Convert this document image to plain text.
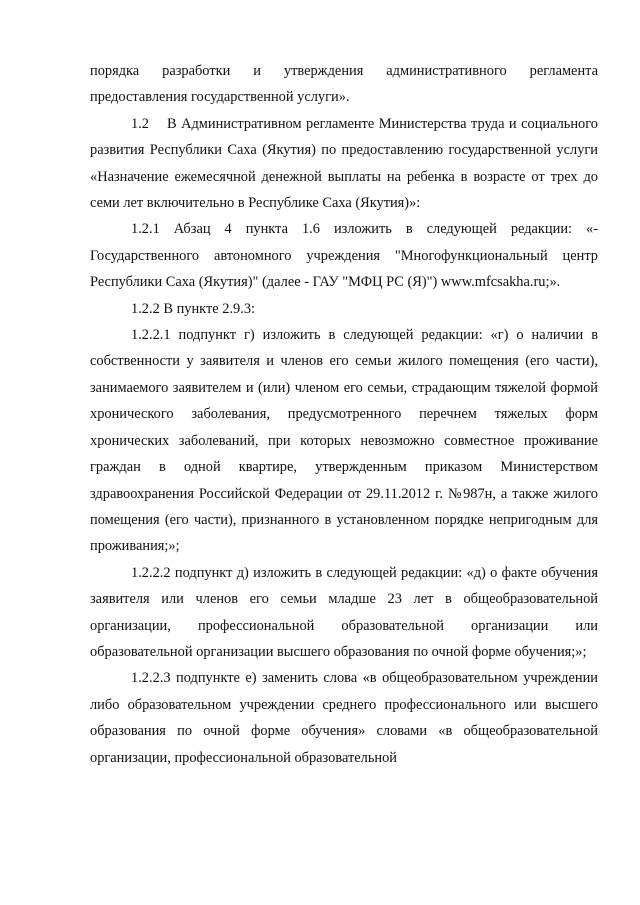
порядка разработки и утверждения административного регламента предоставления государственной услуги».

1.2 В Административном регламенте Министерства труда и социального развития Республики Саха (Якутия) по предоставлению государственной услуги «Назначение ежемесячной денежной выплаты на ребенка в возрасте от трех до семи лет включительно в Республике Саха (Якутия)»:

1.2.1 Абзац 4 пункта 1.6 изложить в следующей редакции: «- Государственного автономного учреждения "Многофункциональный центр Республики Саха (Якутия)" (далее - ГАУ "МФЦ РС (Я)") www.mfcsakha.ru;».

1.2.2 В пункте 2.9.3:

1.2.2.1 подпункт г) изложить в следующей редакции: «г) о наличии в собственности у заявителя и членов его семьи жилого помещения (его части), занимаемого заявителем и (или) членом его семьи, страдающим тяжелой формой хронического заболевания, предусмотренного перечнем тяжелых форм хронических заболеваний, при которых невозможно совместное проживание граждан в одной квартире, утвержденным приказом Министерством здравоохранения Российской Федерации от 29.11.2012 г. №987н, а также жилого помещения (его части), признанного в установленном порядке непригодным для проживания;»;

1.2.2.2 подпункт д) изложить в следующей редакции: «д) о факте обучения заявителя или членов его семьи младше 23 лет в общеобразовательной организации, профессиональной образовательной организации или образовательной организации высшего образования по очной форме обучения;»;

1.2.2.3 подпункте е) заменить слова «в общеобразовательном учреждении либо образовательном учреждении среднего профессионального или высшего образования по очной форме обучения» словами «в общеобразовательной организации, профессиональной образовательной
